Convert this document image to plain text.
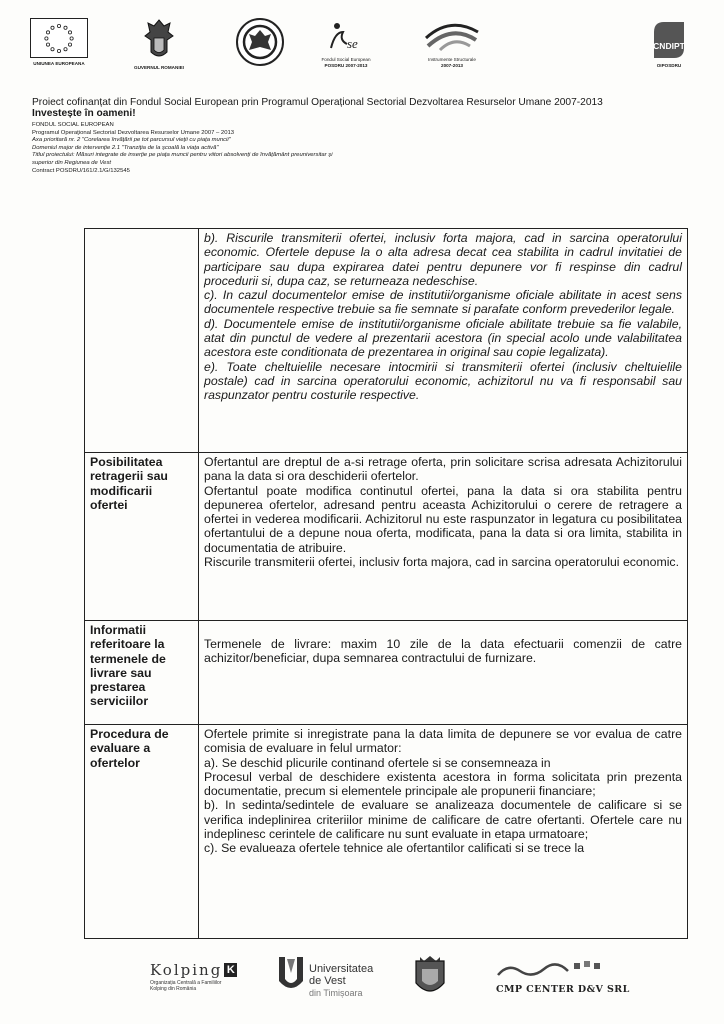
UNIUNEA EUROPEANA
GUVERNUL ROMANIEI
se
Fondul Social European
POSDRU 2007-2013
Instrumente Structurale
2007-2013
CNDIPT
OIPOSDRU
Proiect cofinanțat din Fondul Social European prin Programul Operațional Sectorial Dezvoltarea Resurselor Umane 2007-2013
Investește în oameni!
FONDUL SOCIAL EUROPEAN
Programul Operaţional Sectorial Dezvoltarea Resurselor Umane 2007 – 2013
Axa prioritară nr. 2 "Corelarea învăţării pe tot parcursul vieţii cu piaţa muncii"
Domeniul major de intervenţie 2.1 "Tranziţia de la şcoală la viaţa activă"
Titlul proiectului: Măsuri integrate de inserţie pe piaţa muncii pentru viitori absolvenţi de învăţământ preuniversitar şi
superior din Regiunea de Vest
Contract POSDRU/161/2.1/G/132545

	b). Riscurile transmiterii ofertei, inclusiv forta majora, cad in sarcina operatorului economic. Ofertele depuse la o alta adresa decat cea stabilita in cadrul invitatiei de participare sau dupa expirarea datei pentru depunere vor fi respinse din cadrul procedurii si, dupa caz, se returneaza nedeschise.

c). In cazul documentelor emise de institutii/organisme oficiale abilitate in acest sens documentele respective trebuie sa fie semnate si parafate conform prevederilor legale.

d). Documentele emise de institutii/organisme oficiale abilitate trebuie sa fie valabile, atat din punctul de vedere al prezentarii acestora (in special acolo unde valabilitatea acestora este conditionata de prezentarea in original sau copie legalizata).

e). Toate cheltuielile necesare intocmirii si transmiterii ofertei (inclusiv cheltuielile postale) cad in sarcina operatorului economic, achizitorul nu va fi responsabil sau raspunzator pentru costurile respective.

Posibilitatea retragerii sau modificarii ofertei	Ofertantul are dreptul de a-si retrage oferta, prin solicitare scrisa adresata Achizitorului pana la data si ora deschiderii ofertelor.

Ofertantul poate modifica continutul ofertei, pana la data si ora stabilita pentru depunerea ofertelor, adresand pentru aceasta Achizitorului o cerere de retragere a ofertei in vederea modificarii. Achizitorul nu este raspunzator in legatura cu posibilitatea ofertantului de a depune noua oferta, modificata, pana la data si ora limita, stabilita in documentatia de atribuire.

Riscurile transmiterii ofertei, inclusiv forta majora, cad in sarcina operatorului economic.

Informatii referitoare la termenele de livrare sau prestarea serviciilor	Termenele de livrare: maxim 10 zile de la data efectuarii comenzii de catre achizitor/beneficiar, dupa semnarea contractului de furnizare.

Procedura de evaluare a ofertelor	Ofertele primite si inregistrate pana la data limita de depunere se vor evalua de catre comisia de evaluare in felul urmator:

a). Se deschid plicurile continand ofertele si se consemneaza in

Procesul verbal de deschidere existenta acestora in forma solicitata prin prezenta documentatie, precum si elementele principale ale propunerii financiare;

b). In sedinta/sedintele de evaluare se analizeaza documentele de calificare si se verifica indeplinirea criteriilor minime de calificare de catre ofertanti. Ofertele care nu indeplinesc cerintele de calificare nu sunt evaluate in etapa urmatoare;

c). Se evalueaza ofertele tehnice ale ofertantilor calificati si se trece la

Kolping K
Organizația Centrală a Familiilor
Kolping din România
Universitatea de Vest
din Timișoara	CMP CENTER D&V SRL
